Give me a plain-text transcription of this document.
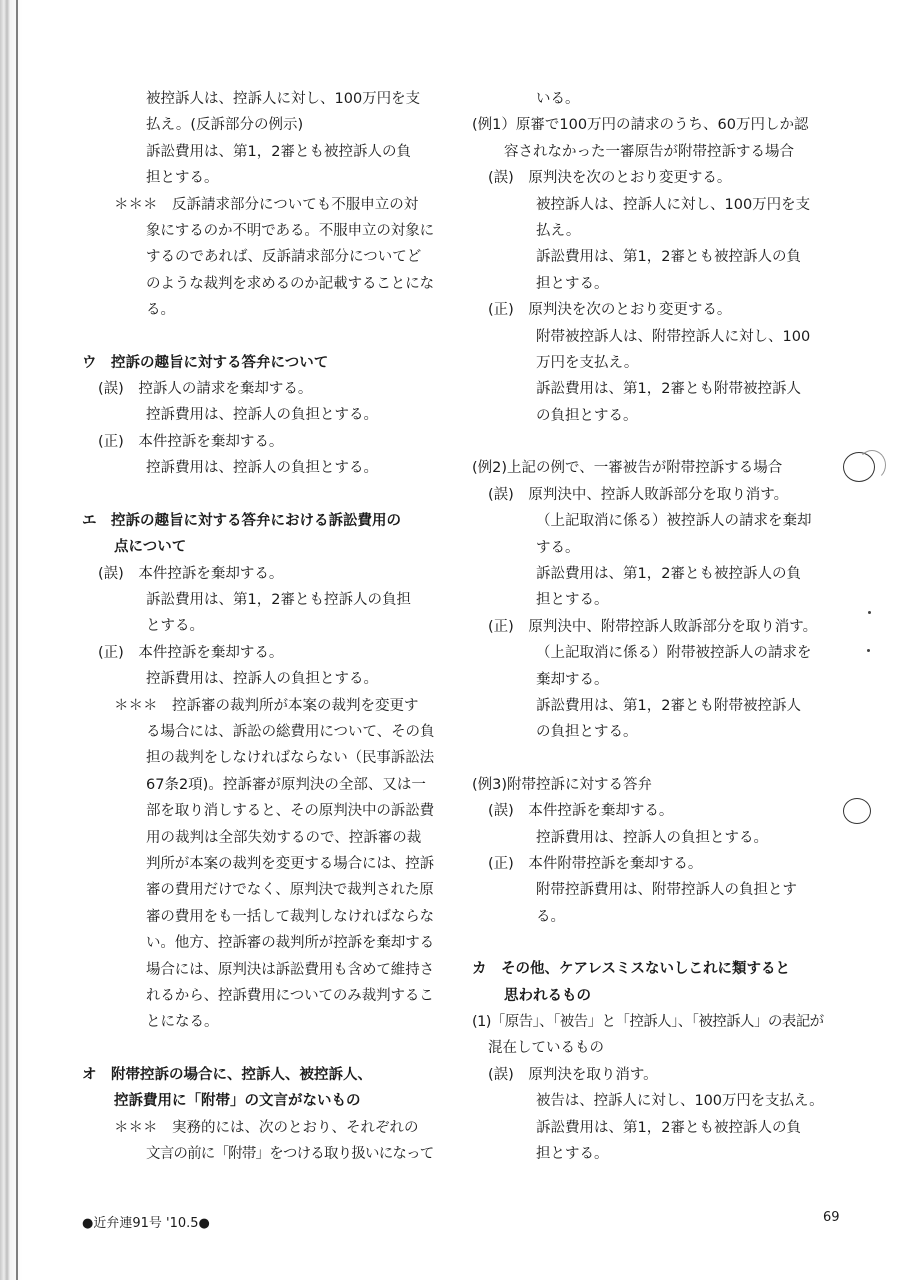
被控訴人は、控訴人に対し、100万円を支
払え。(反訴部分の例示)
訴訟費用は、第1，2審とも被控訴人の負
担とする。
＊＊＊　反訴請求部分についても不服申立の対
象にするのか不明である。不服申立の対象に
するのであれば、反訴請求部分についてど
のような裁判を求めるのか記載することにな
る。
ウ　控訴の趣旨に対する答弁について
(誤)　控訴人の請求を棄却する。
控訴費用は、控訴人の負担とする。
(正)　本件控訴を棄却する。
控訴費用は、控訴人の負担とする。
エ　控訴の趣旨に対する答弁における訴訟費用の
点について
(誤)　本件控訴を棄却する。
訴訟費用は、第1，2審とも控訴人の負担
とする。
(正)　本件控訴を棄却する。
控訴費用は、控訴人の負担とする。
＊＊＊　控訴審の裁判所が本案の裁判を変更す
る場合には、訴訟の総費用について、その負
担の裁判をしなければならない（民事訴訟法
67条2項)。控訴審が原判決の全部、又は一
部を取り消しすると、その原判決中の訴訟費
用の裁判は全部失効するので、控訴審の裁
判所が本案の裁判を変更する場合には、控訴
審の費用だけでなく、原判決で裁判された原
審の費用をも一括して裁判しなければならな
い。他方、控訴審の裁判所が控訴を棄却する
場合には、原判決は訴訟費用も含めて維持さ
れるから、控訴費用についてのみ裁判するこ
とになる。
オ　附帯控訴の場合に、控訴人、被控訴人、
控訴費用に「附帯」の文言がないもの
＊＊＊　実務的には、次のとおり、それぞれの
文言の前に「附帯」をつける取り扱いになって
いる。
(例1）原審で100万円の請求のうち、60万円しか認
容されなかった一審原告が附帯控訴する場合
(誤)　原判決を次のとおり変更する。
被控訴人は、控訴人に対し、100万円を支
払え。
訴訟費用は、第1，2審とも被控訴人の負
担とする。
(正)　原判決を次のとおり変更する。
附帯被控訴人は、附帯控訴人に対し、100
万円を支払え。
訴訟費用は、第1，2審とも附帯被控訴人
の負担とする。
(例2)上記の例で、一審被告が附帯控訴する場合
(誤)　原判決中、控訴人敗訴部分を取り消す。
（上記取消に係る）被控訴人の請求を棄却
する。
訴訟費用は、第1，2審とも被控訴人の負
担とする。
(正)　原判決中、附帯控訴人敗訴部分を取り消す。
（上記取消に係る）附帯被控訴人の請求を
棄却する。
訴訟費用は、第1，2審とも附帯被控訴人
の負担とする。
(例3)附帯控訴に対する答弁
(誤)　本件控訴を棄却する。
控訴費用は、控訴人の負担とする。
(正)　本件附帯控訴を棄却する。
附帯控訴費用は、附帯控訴人の負担とす
る。
カ　その他、ケアレスミスないしこれに類すると
思われるもの
(1)「原告」、「被告」と「控訴人」、「被控訴人」の表記が
混在しているもの
(誤)　原判決を取り消す。
被告は、控訴人に対し、100万円を支払え。
訴訟費用は、第1，2審とも被控訴人の負
担とする。
●近弁連91号 '10.5●	69
